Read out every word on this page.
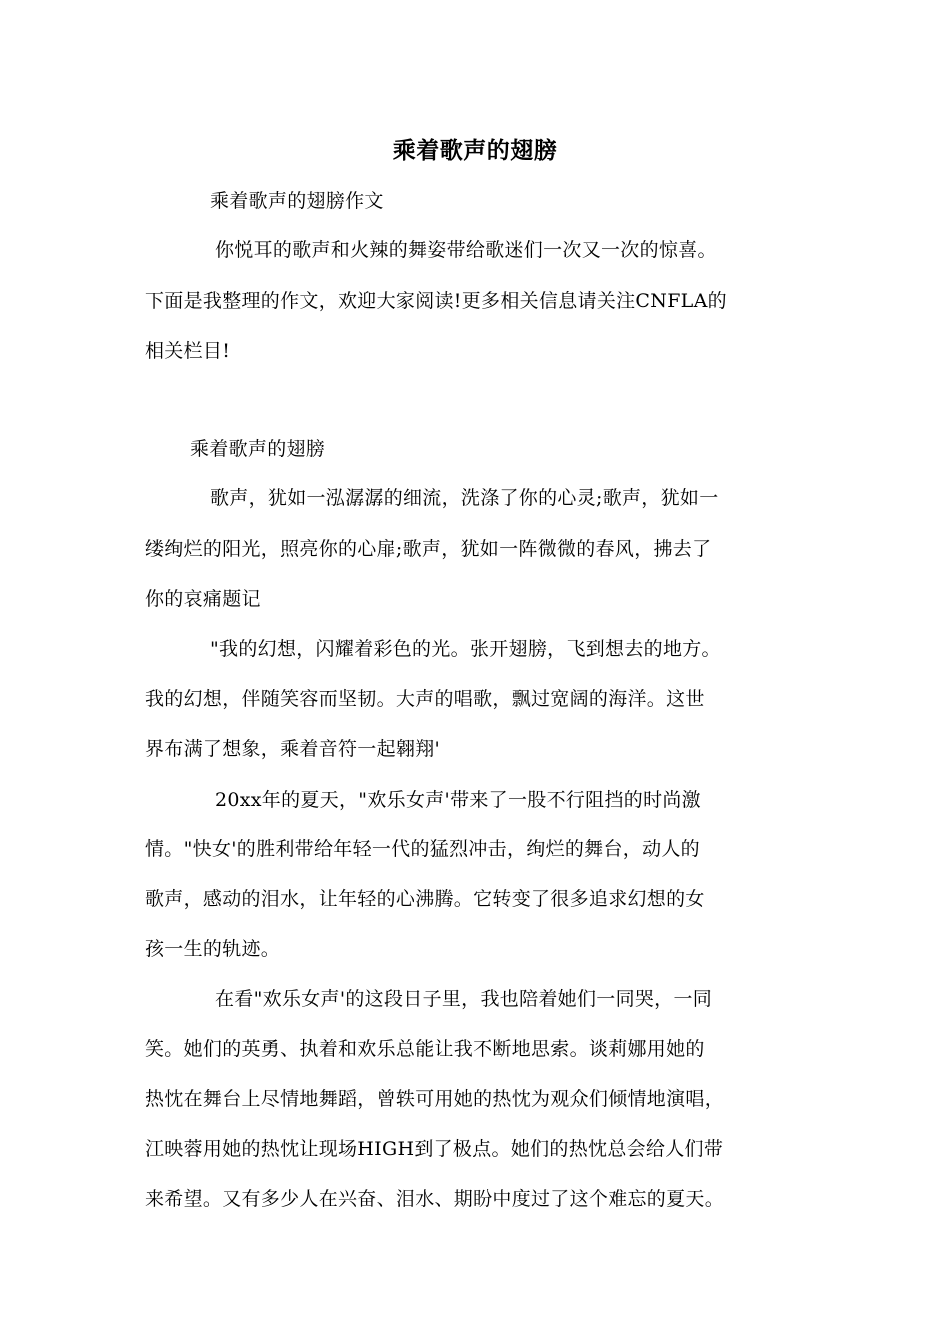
乘着歌声的翅膀
乘着歌声的翅膀作文
你悦耳的歌声和火辣的舞姿带给歌迷们一次又一次的惊喜。
下面是我整理的作文，欢迎大家阅读!更多相关信息请关注CNFLA的
相关栏目!
乘着歌声的翅膀
歌声，犹如一泓潺潺的细流，洗涤了你的心灵;歌声，犹如一
缕绚烂的阳光，照亮你的心扉;歌声，犹如一阵微微的春风，拂去了
你的哀痛题记
"我的幻想，闪耀着彩色的光。张开翅膀，飞到想去的地方。
我的幻想，伴随笑容而坚韧。大声的唱歌，飘过宽阔的海洋。这世
界布满了想象，乘着音符一起翱翔'
20xx年的夏天，"欢乐女声'带来了一股不行阻挡的时尚激
情。"快女'的胜利带给年轻一代的猛烈冲击，绚烂的舞台，动人的
歌声，感动的泪水，让年轻的心沸腾。它转变了很多追求幻想的女
孩一生的轨迹。
在看"欢乐女声'的这段日子里，我也陪着她们一同哭，一同
笑。她们的英勇、执着和欢乐总能让我不断地思索。谈莉娜用她的
热忱在舞台上尽情地舞蹈，曾轶可用她的热忱为观众们倾情地演唱，
江映蓉用她的热忱让现场HIGH到了极点。她们的热忱总会给人们带
来希望。又有多少人在兴奋、泪水、期盼中度过了这个难忘的夏天。
